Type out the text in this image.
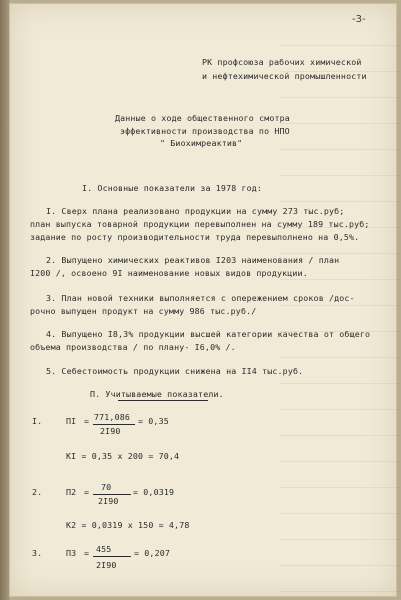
-3-
РК профсоюза рабочих химической
и нефтехимической промышленности
Данные о ходе общественного смотра
эффективности производства по НПО
" Биохимреактив"
I. Основные показатели за 1978 год:
I. Сверх плана реализовано продукции на сумму 273 тыс.руб;
план выпуска товарной продукции перевыполнен на сумму 189 тыс.руб;
задание по росту производительности труда перевыполнено на 0,5%.
2. Выпущено химических реактивов I203 наименования / план
I200 /, освоено 9I наименование новых видов продукции.
3. План новой техники выполняется с опережением сроков /дос-
рочно выпущен продукт на сумму 986 тыс.руб./
4. Выпущено I8,3% продукции высшей категории качества от общего
объема производства / по плану- I6,0% /.
5. Себестоимость продукции снижена на II4 тыс.руб.
П. Учитываемые показатели.
I.	ПI = 771,086
2I90
= 0,35
KI = 0,35 x 200 = 70,4
2.	П2 = 70
2I90
= 0,0319
K2 = 0,0319 x 150 = 4,78
3.	П3 = 455
2I90
= 0,207
